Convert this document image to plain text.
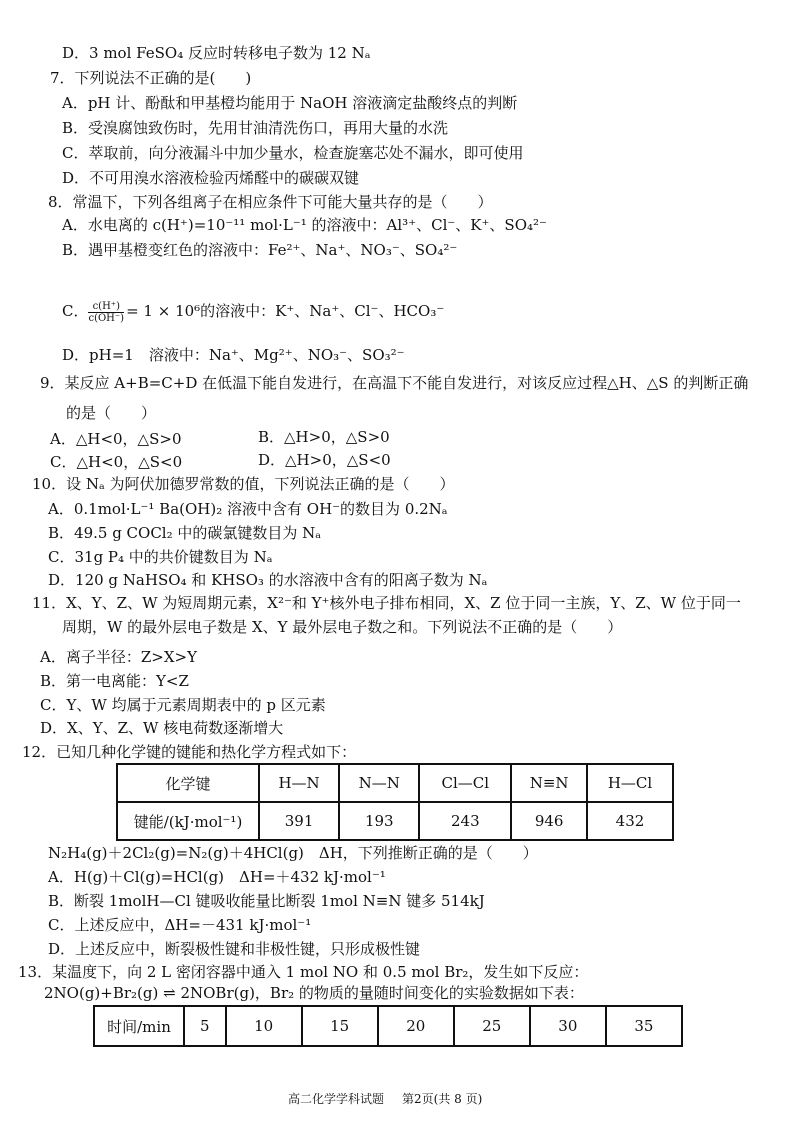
D．3 mol FeSO₄ 反应时转移电子数为 12 Nₐ
7．下列说法不正确的是(　　)
A．pH 计、酚酞和甲基橙均能用于 NaOH 溶液滴定盐酸终点的判断
B．受溴腐蚀致伤时，先用甘油清洗伤口，再用大量的水洗
C．萃取前，向分液漏斗中加少量水，检查旋塞芯处不漏水，即可使用
D．不可用溴水溶液检验丙烯醛中的碳碳双键
8．常温下，下列各组离子在相应条件下可能大量共存的是（　　）
A．水电离的 c(H⁺)=10⁻¹¹ mol·L⁻¹ 的溶液中：Al³⁺、Cl⁻、K⁺、SO₄²⁻
B．遇甲基橙变红色的溶液中：Fe²⁺、Na⁺、NO₃⁻、SO₄²⁻
C． $\frac{c(H^+)}{c(OH^-)} = 1 \times 10^6$的溶液中：K⁺、Na⁺、Cl⁻、HCO₃⁻
D．pH=1　溶液中：Na⁺、Mg²⁺、NO₃⁻、SO₃²⁻
9．某反应 A+B=C+D 在低温下能自发进行，在高温下不能自发进行，对该反应过程△H、△S 的判断正确
的是（　　）
A．△H<0，△S>0	B．△H>0，△S>0
C．△H<0，△S<0	D．△H>0，△S<0
10．设 Nₐ 为阿伏加德罗常数的值，下列说法正确的是（　　）
A．0.1mol·L⁻¹ Ba(OH)₂ 溶液中含有 OH⁻的数目为 0.2Nₐ
B．49.5 g COCl₂ 中的碳氯键数目为 Nₐ
C．31g P₄ 中的共价键数目为 Nₐ
D．120 g NaHSO₄ 和 KHSO₃ 的水溶液中含有的阳离子数为 Nₐ
11．X、Y、Z、W 为短周期元素，X²⁻和 Y⁺核外电子排布相同，X、Z 位于同一主族，Y、Z、W 位于同一
周期，W 的最外层电子数是 X、Y 最外层电子数之和。下列说法不正确的是（　　）
A．离子半径：Z>X>Y
B．第一电离能：Y<Z
C．Y、W 均属于元素周期表中的 p 区元素
D．X、Y、Z、W 核电荷数逐渐增大
12．已知几种化学键的键能和热化学方程式如下：
化学键	H—N	N—N	Cl—Cl	N≡N	H—Cl
键能/(kJ·mol⁻¹)	391	193	243	946	432
N₂H₄(g)＋2Cl₂(g)=N₂(g)＋4HCl(g)　ΔH，下列推断正确的是（　　）
A．H(g)＋Cl(g)=HCl(g)　ΔH=＋432 kJ·mol⁻¹
B．断裂 1molH—Cl 键吸收能量比断裂 1mol N≡N 键多 514kJ
C．上述反应中，ΔH=－431 kJ·mol⁻¹
D．上述反应中，断裂极性键和非极性键，只形成极性键
13．某温度下，向 2 L 密闭容器中通入 1 mol NO 和 0.5 mol Br₂，发生如下反应：
2NO(g)+Br₂(g) ⇌ 2NOBr(g)，Br₂ 的物质的量随时间变化的实验数据如下表：
时间/min	5	10	15	20	25	30	35
高二化学学科试题 第2页(共 8 页)
